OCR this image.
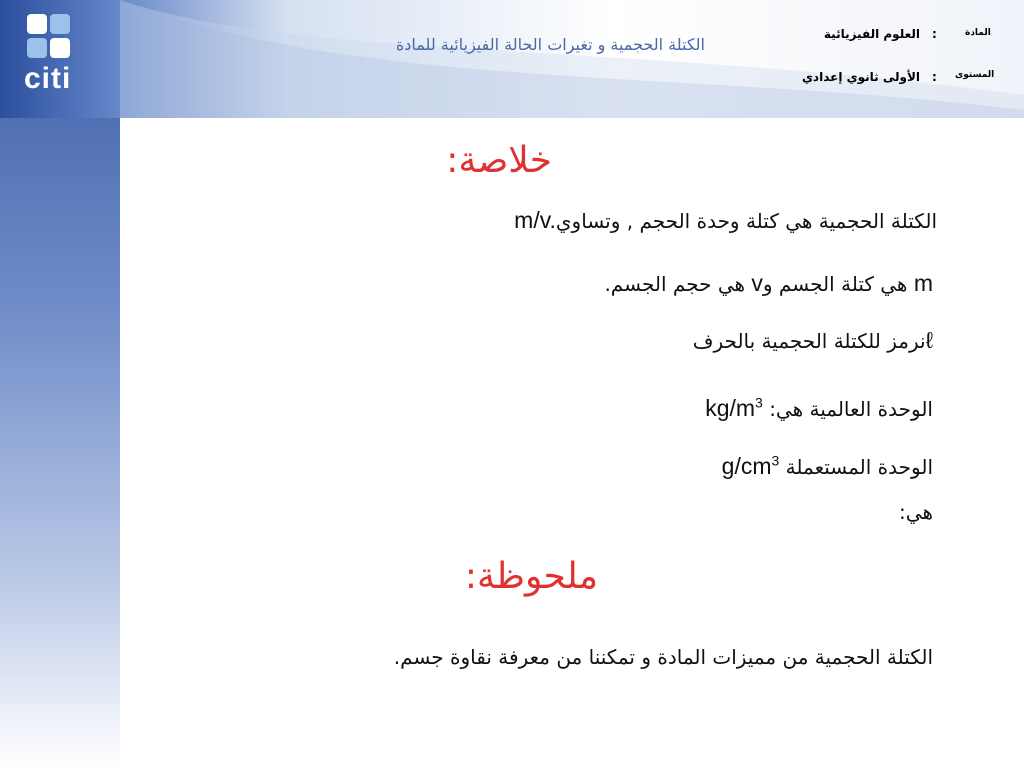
citi
الكتلة الحجمية و تغيرات الحالة الفيزيائية للمادة
المادة
:
العلوم الفيزيائية
المستوى
:
الأولى ثانوي إعدادي
خلاصة:
الكتلة الحجمية هي كتلة وحدة الحجم , وتساويm/v.
m هي كتلة الجسم وv هي حجم الجسم.
ℓنرمز للكتلة الحجمية بالحرف
الوحدة العالمية هي: $kg/m^3$
الوحدة المستعملة $g/cm^3$
هي:
ملحوظة:
الكتلة الحجمية من مميزات المادة و تمكننا من معرفة نقاوة جسم.
